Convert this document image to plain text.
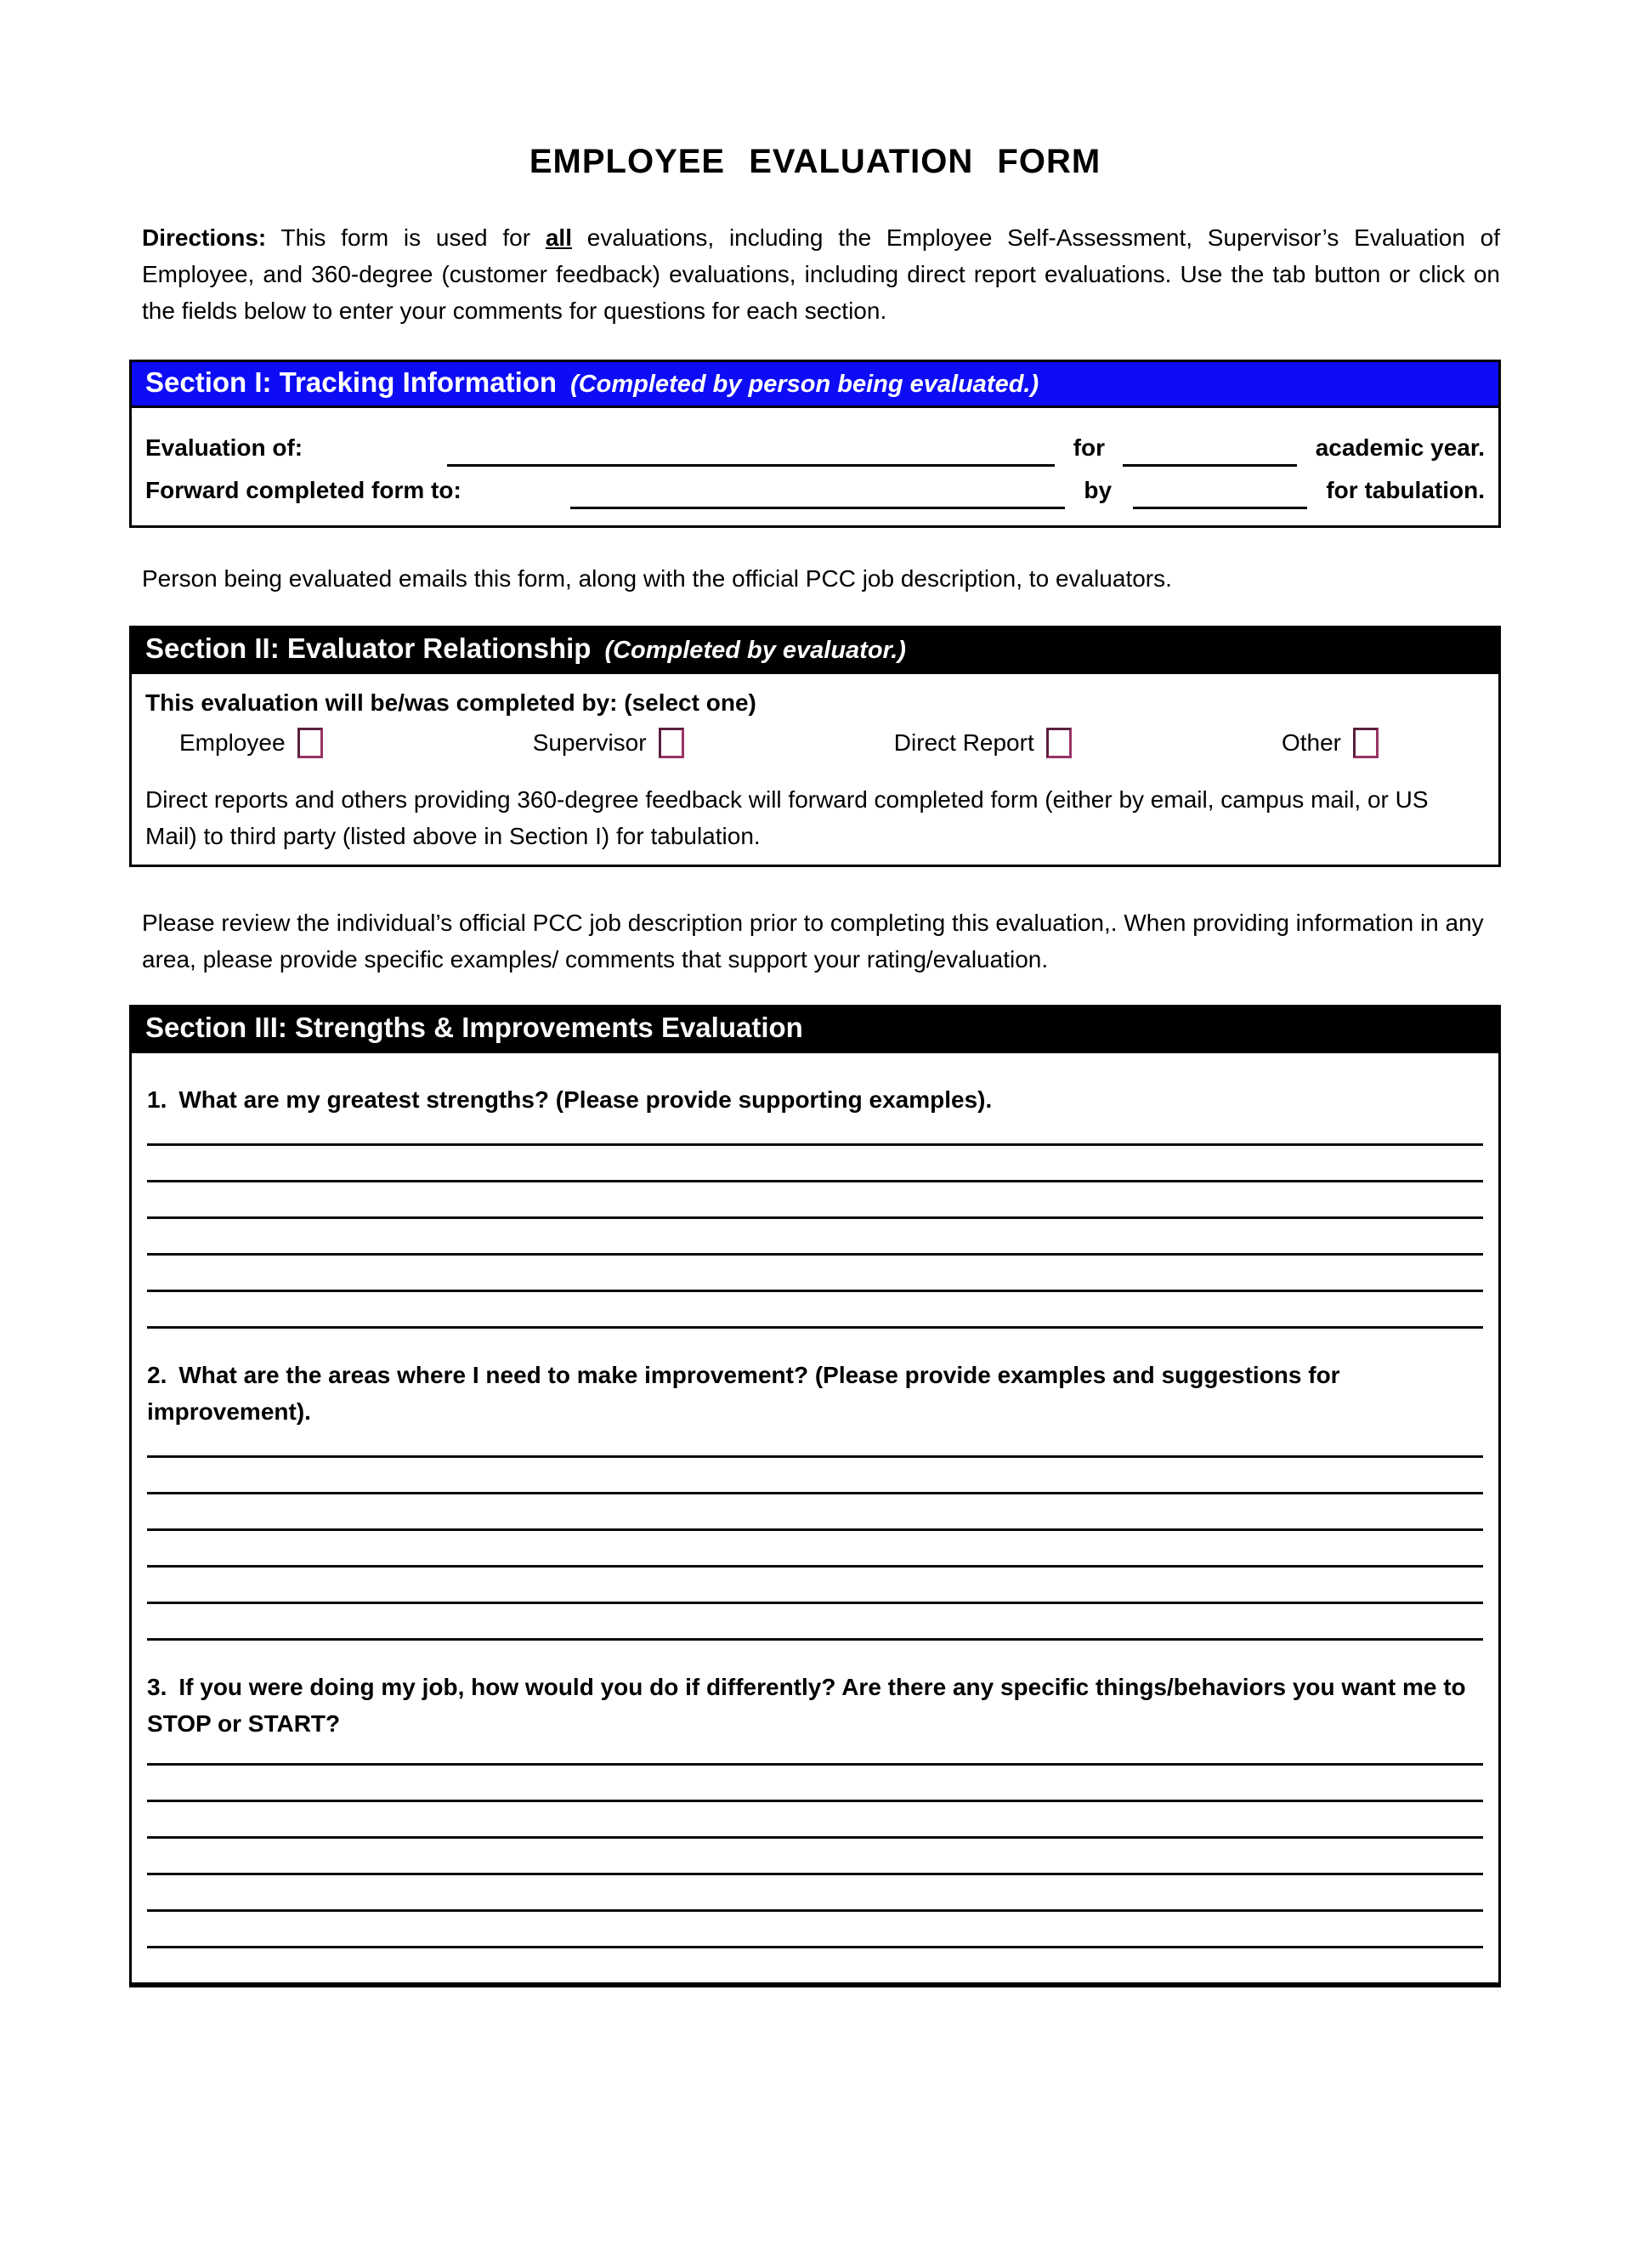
EMPLOYEE EVALUATION FORM

Directions: This form is used for all evaluations, including the Employee Self-Assessment, Supervisor’s Evaluation of Employee, and 360-degree (customer feedback) evaluations, including direct report evaluations. Use the tab button or click on the fields below to enter your comments for questions for each section.

Section I: Tracking Information (Completed by person being evaluated.)
Evaluation of:	for	academic year.
Forward completed form to:	by	for tabulation.

Person being evaluated emails this form, along with the official PCC job description, to evaluators.

Section II: Evaluator Relationship (Completed by evaluator.)

This evaluation will be/was completed by: (select one)

Employee	Supervisor	Direct Report	Other

Direct reports and others providing 360-degree feedback will forward completed form (either by email, campus mail, or US Mail) to third party (listed above in Section I) for tabulation.

Please review the individual’s official PCC job description prior to completing this evaluation,. When providing information in any area, please provide specific examples/ comments that support your rating/evaluation.

Section III: Strengths & Improvements Evaluation

1. What are my greatest strengths? (Please provide supporting examples).

2. What are the areas where I need to make improvement? (Please provide examples and suggestions for improvement).

3. If you were doing my job, how would you do if differently? Are there any specific things/behaviors you want me to STOP or START?
